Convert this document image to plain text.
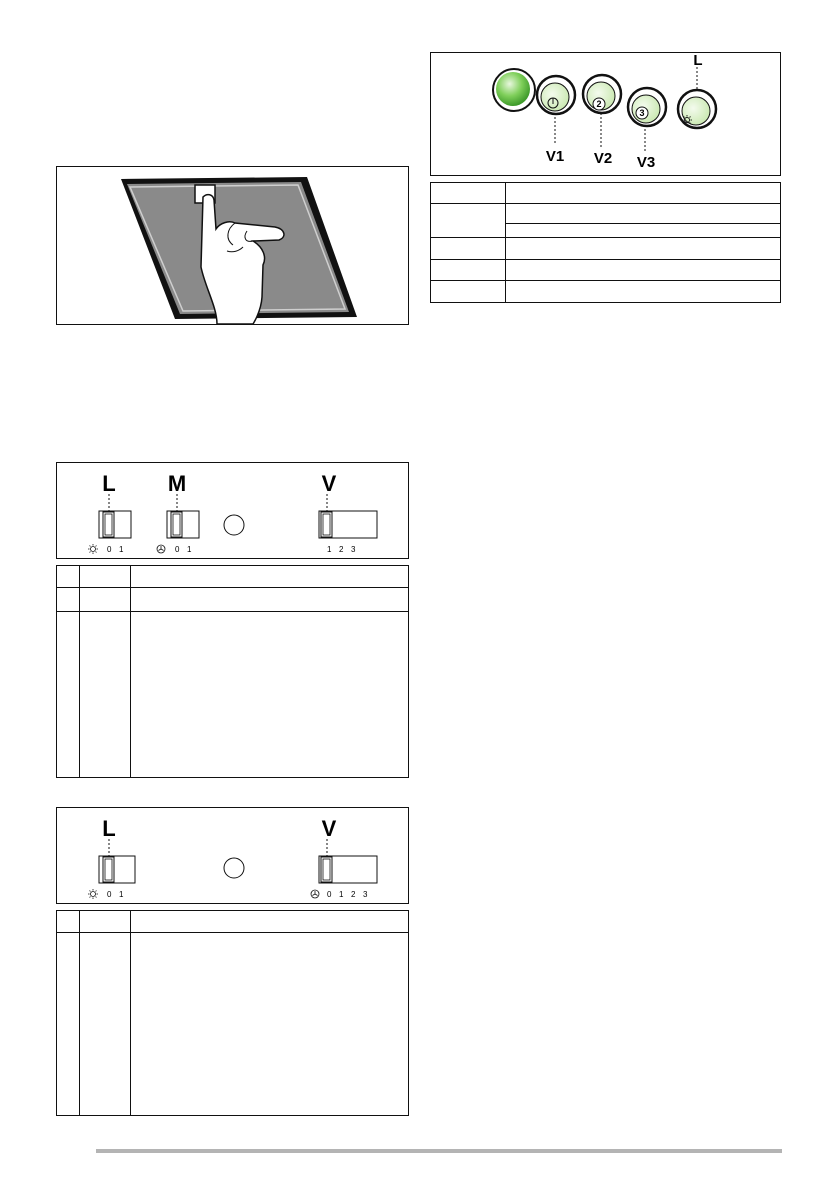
L M	V
0 1	0 1	1 2 3

L	V
0 1	0 1 2 3

2
3
V1 V2 V3
L
